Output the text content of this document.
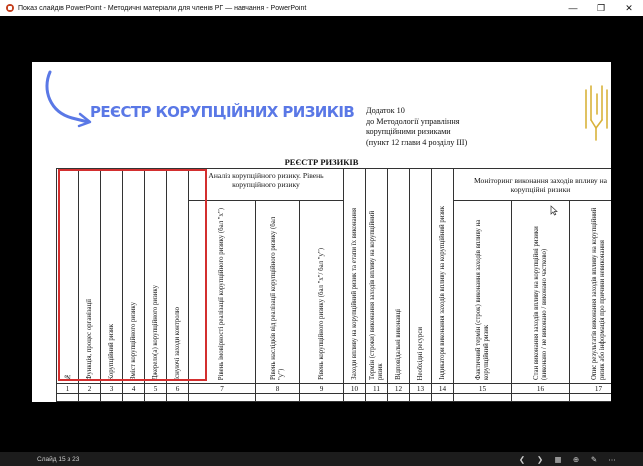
Показ слайдів PowerPoint - Методичні матеріали для членів РГ — навчання - PowerPoint	—	❐	✕
РЕЄСТР КОРУПЦІЙНИХ РИЗИКІВ Додаток 10
до Методології управління
корупційними ризиками
(пункт 12 глави 4 розділу ІІІ)
РЕЄСТР РИЗИКІВ
№	Функція, процес організації	Корупційний ризик	Зміст корупційного ризику	Джерело(а) корупційного ризику	Існуючі заходи контролю	Аналіз корупційного ризику. Рівень корупційного ризику			Заходи впливу на корупційний ризик та етапи їх виконання	Термін (строки) виконання заходів впливу на корупційний ризик	Відповідальні виконавці	Необхідні ресурси	Індикатори виконання заходів впливу на корупційний ризик	Моніторинг виконання заходів впливу на корупційні ризики		

						Рівень імовірності реалізації корупційного ризику (бал "x")	Рівень наслідків від реалізації корупційного ризику (бал "y")	Рівень корупційного ризику (бал "x"/ бал "y")						Фактичний термін (строк) виконання заходів впливу на корупційний ризик	Стан виконання заходів впливу на корупційні ризики (виконано / не виконано / виконано частково)	Опис результатів виконання заходів впливу на корупційний ризик або інформація про причини невиконання

1	2	3	4	5	6	7	8	9	10	11	12	13	14	15	16	17

Слайд 15 з 23	❮	❯	▦	⊕	✎	⋯
